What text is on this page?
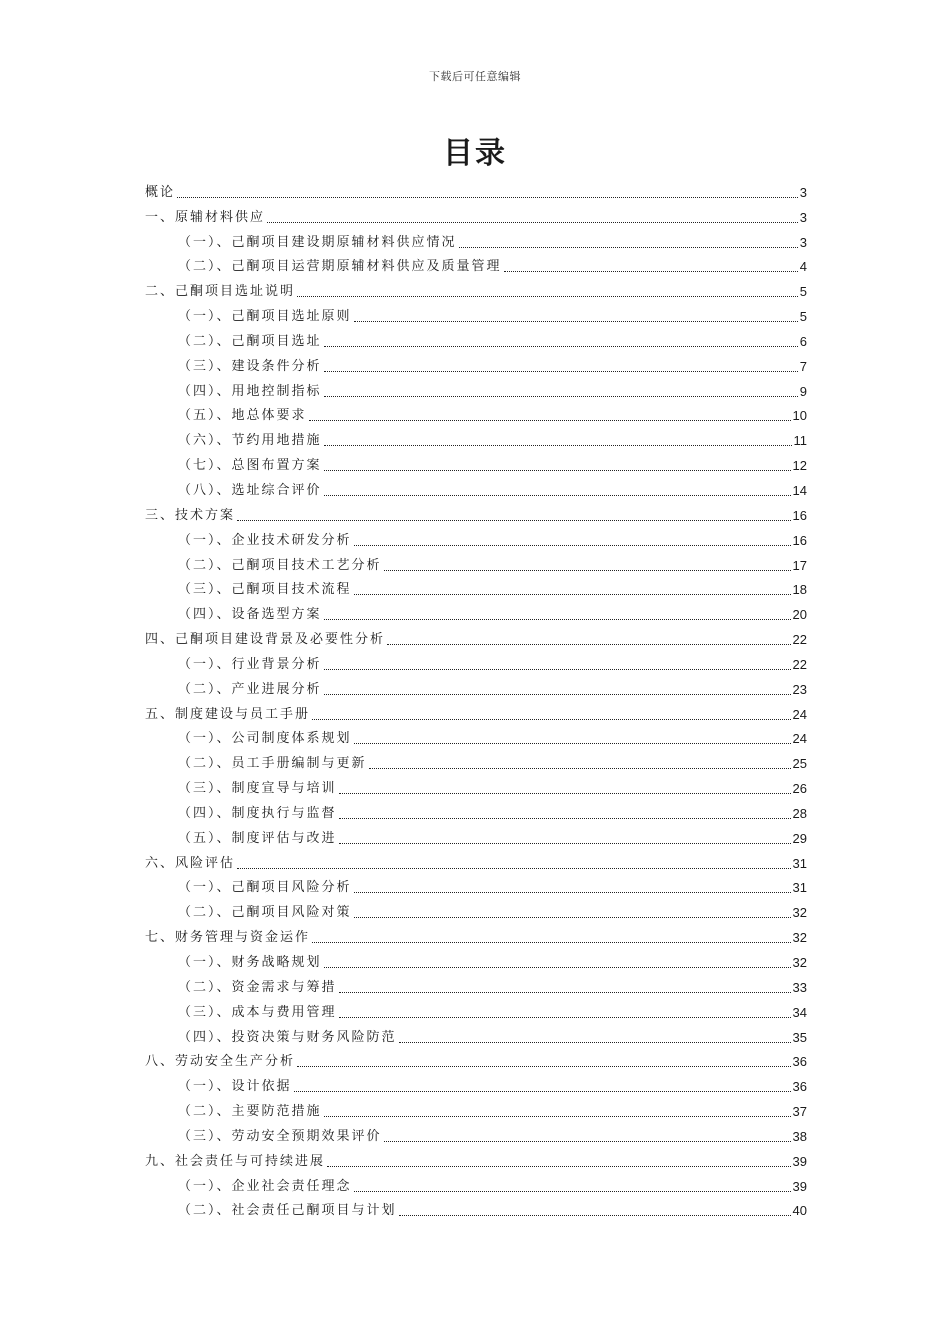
下载后可任意编辑
目录
概论	3
一、原辅材料供应	3
（一）、己酮项目建设期原辅材料供应情况	3
（二）、己酮项目运营期原辅材料供应及质量管理	4
二、己酮项目选址说明	5
（一）、己酮项目选址原则	5
（二）、己酮项目选址	6
（三）、建设条件分析	7
（四）、用地控制指标	9
（五）、地总体要求	10
（六）、节约用地措施	11
（七）、总图布置方案	12
（八）、选址综合评价	14
三、技术方案	16
（一）、企业技术研发分析	16
（二）、己酮项目技术工艺分析	17
（三）、己酮项目技术流程	18
（四）、设备选型方案	20
四、己酮项目建设背景及必要性分析	22
（一）、行业背景分析	22
（二）、产业进展分析	23
五、制度建设与员工手册	24
（一）、公司制度体系规划	24
（二）、员工手册编制与更新	25
（三）、制度宣导与培训	26
（四）、制度执行与监督	28
（五）、制度评估与改进	29
六、风险评估	31
（一）、己酮项目风险分析	31
（二）、己酮项目风险对策	32
七、财务管理与资金运作	32
（一）、财务战略规划	32
（二）、资金需求与筹措	33
（三）、成本与费用管理	34
（四）、投资决策与财务风险防范	35
八、劳动安全生产分析	36
（一）、设计依据	36
（二）、主要防范措施	37
（三）、劳动安全预期效果评价	38
九、社会责任与可持续进展	39
（一）、企业社会责任理念	39
（二）、社会责任己酮项目与计划	40
